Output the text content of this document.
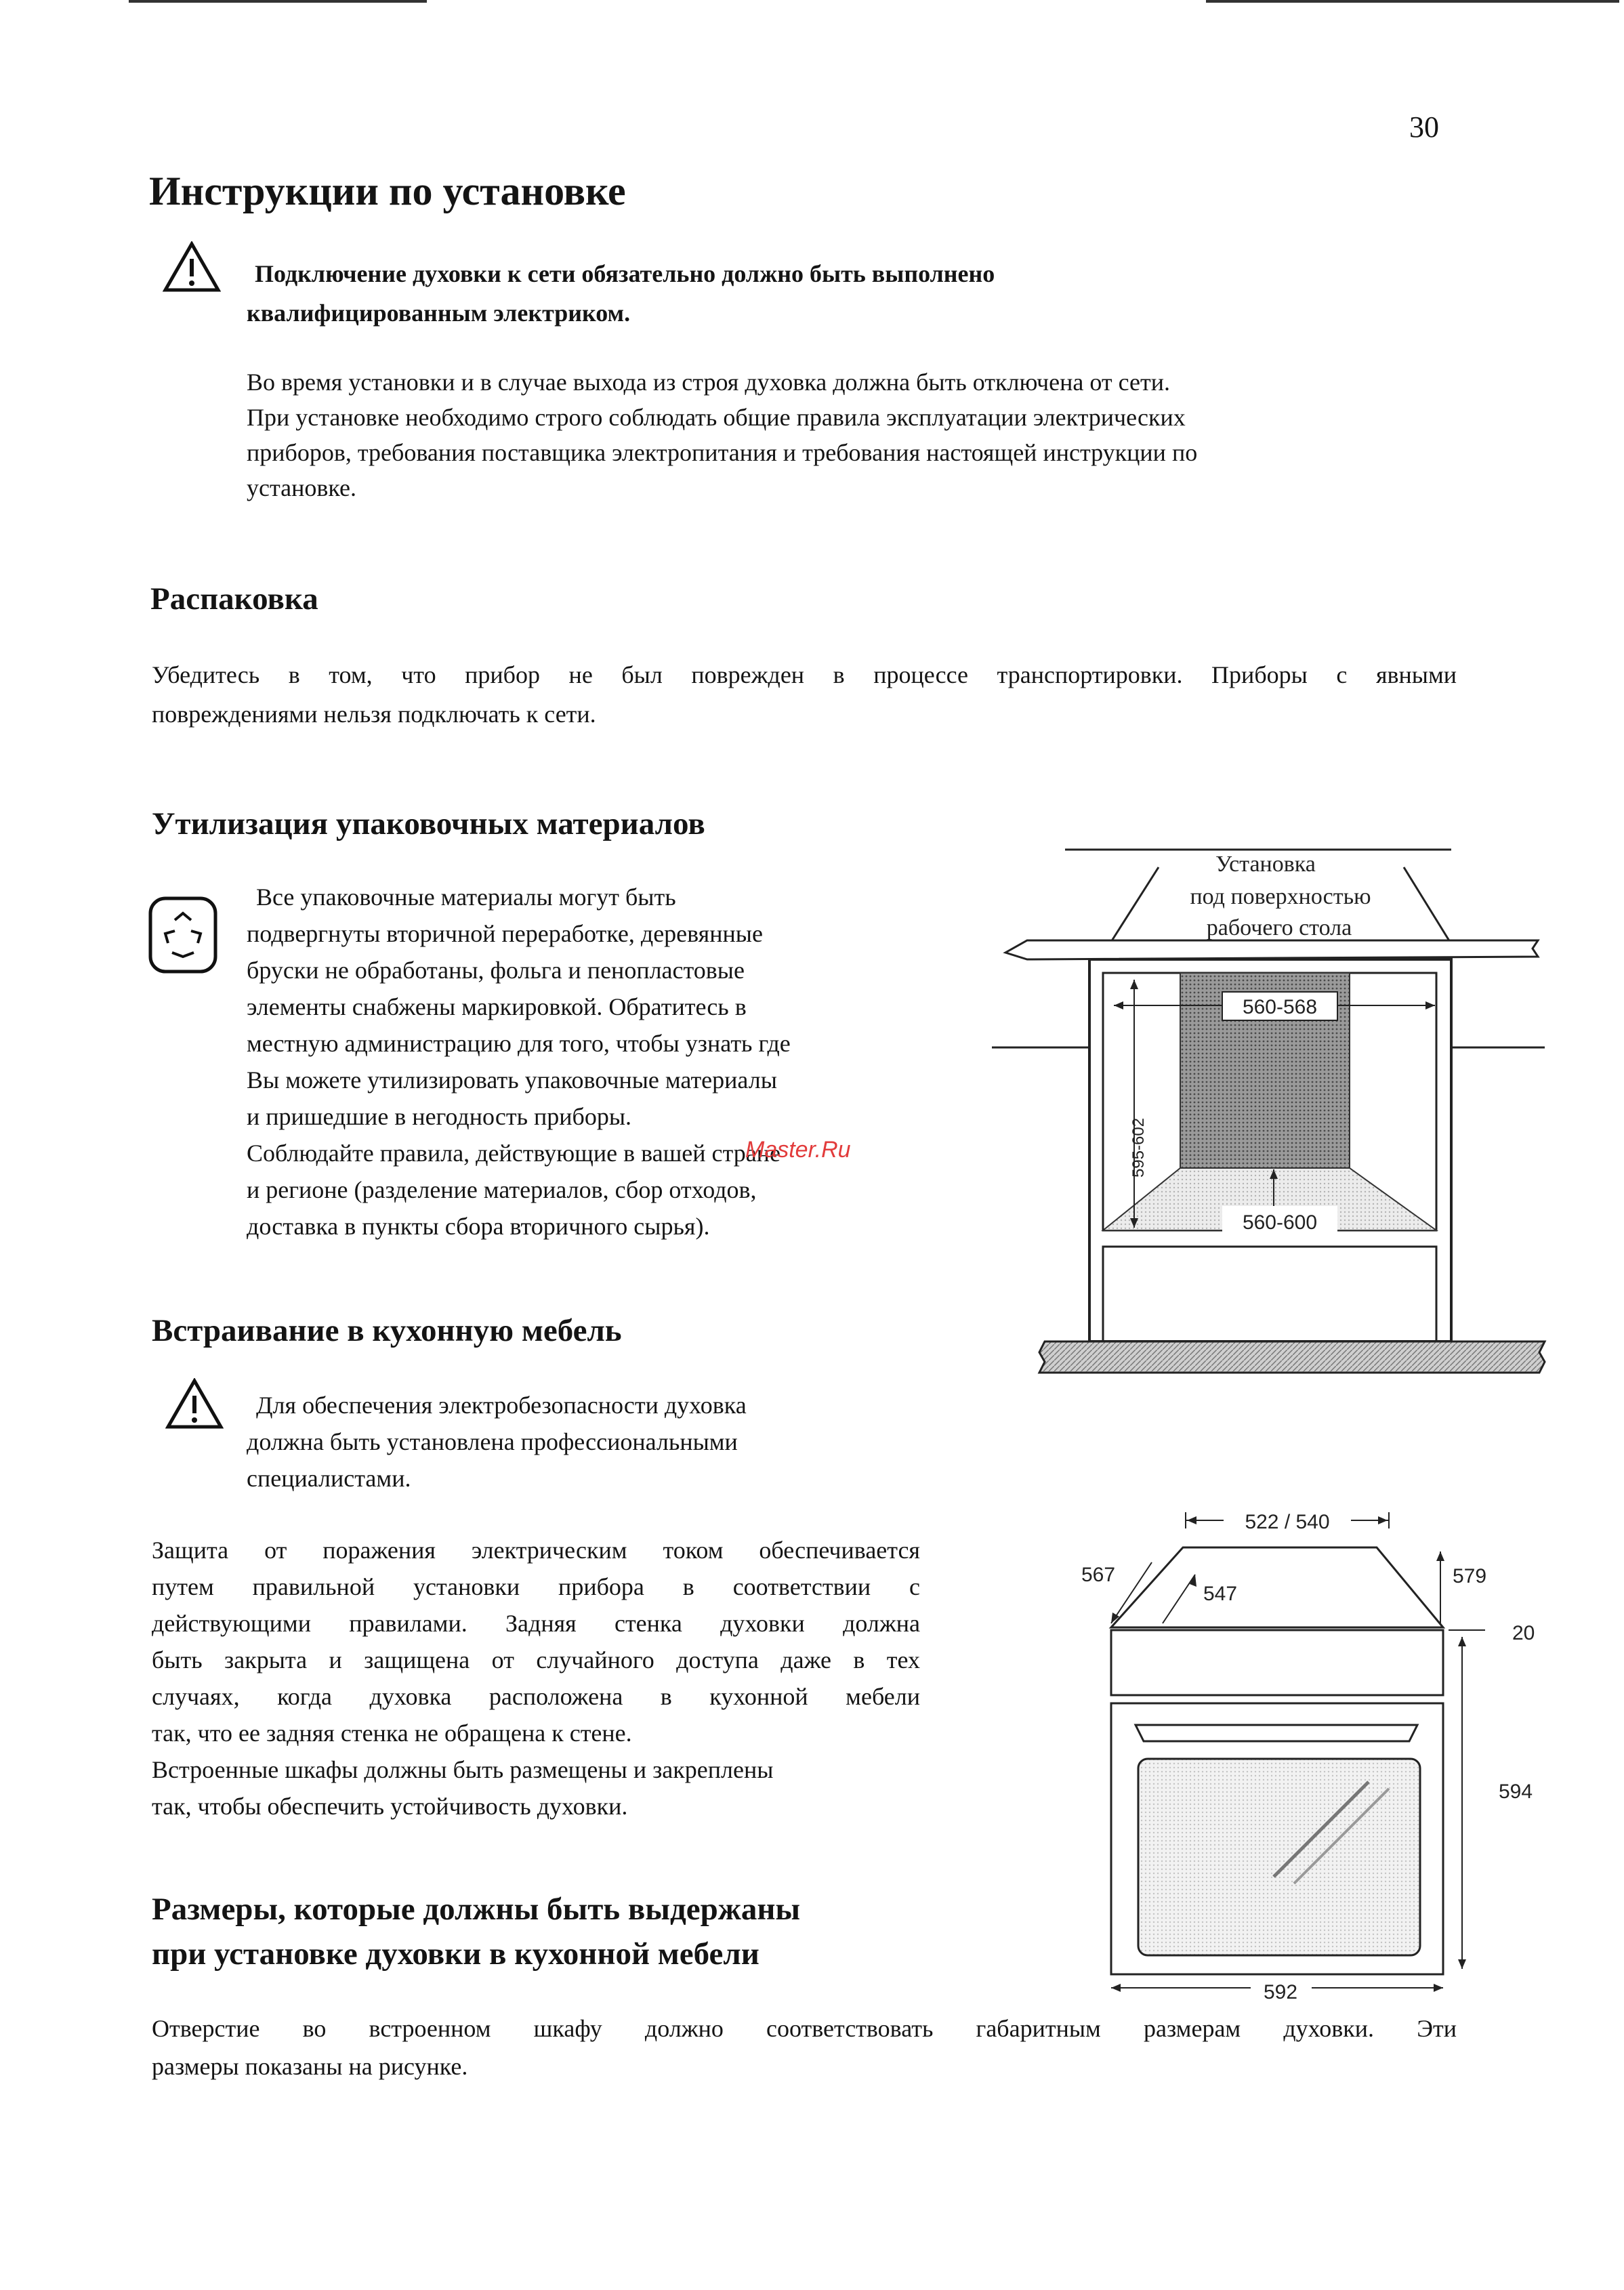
30
Инструкции по установке
Подключение духовки к сети обязательно должно быть выполнено
квалифицированным электриком.
Во время установки и в случае выхода из строя духовка должна быть отключена от сети.
При установке необходимо строго соблюдать общие правила эксплуатации электрических
приборов, требования поставщика электропитания и требования настоящей инструкции по
установке.
Распаковка
Убедитесь в том, что прибор не был поврежден в процессе транспортировки. Приборы с явными
повреждениями нельзя подключать к сети.
Утилизация упаковочных материалов
Все упаковочные материалы могут быть
подвергнуты вторичной переработке, деревянные
бруски не обработаны, фольга и пенопластовые
элементы снабжены маркировкой. Обратитесь в
местную администрацию для того, чтобы узнать где
Вы можете утилизировать упаковочные материалы
и пришедшие в негодность приборы.
Соблюдайте правила, действующие в вашей стране
и регионе (разделение материалов, сбор отходов,
доставка в пункты сбора вторичного сырья).
Master.Ru
Встраивание в кухонную мебель
Для обеспечения электробезопасности духовка
должна быть установлена профессиональными
специалистами.
Защита от поражения электрическим током обеспечивается
путем правильной установки прибора в соответствии с
действующими правилами. Задняя стенка духовки должна
быть закрыта и защищена от случайного доступа даже в тех
случаях, когда духовка расположена в кухонной мебели
так, что ее задняя стенка не обращена к стене.
Встроенные шкафы должны быть размещены и закреплены
так, чтобы обеспечить устойчивость духовки.
Размеры, которые должны быть выдержаны
при установке духовки в кухонной мебели
Отверстие во встроенном шкафу должно соответствовать габаритным размерам духовки. Эти
размеры показаны на рисунке.
Установка
под поверхностью
рабочего стола
560-568
595-602
560-600
522 / 540
567
547
579
20
594
592
